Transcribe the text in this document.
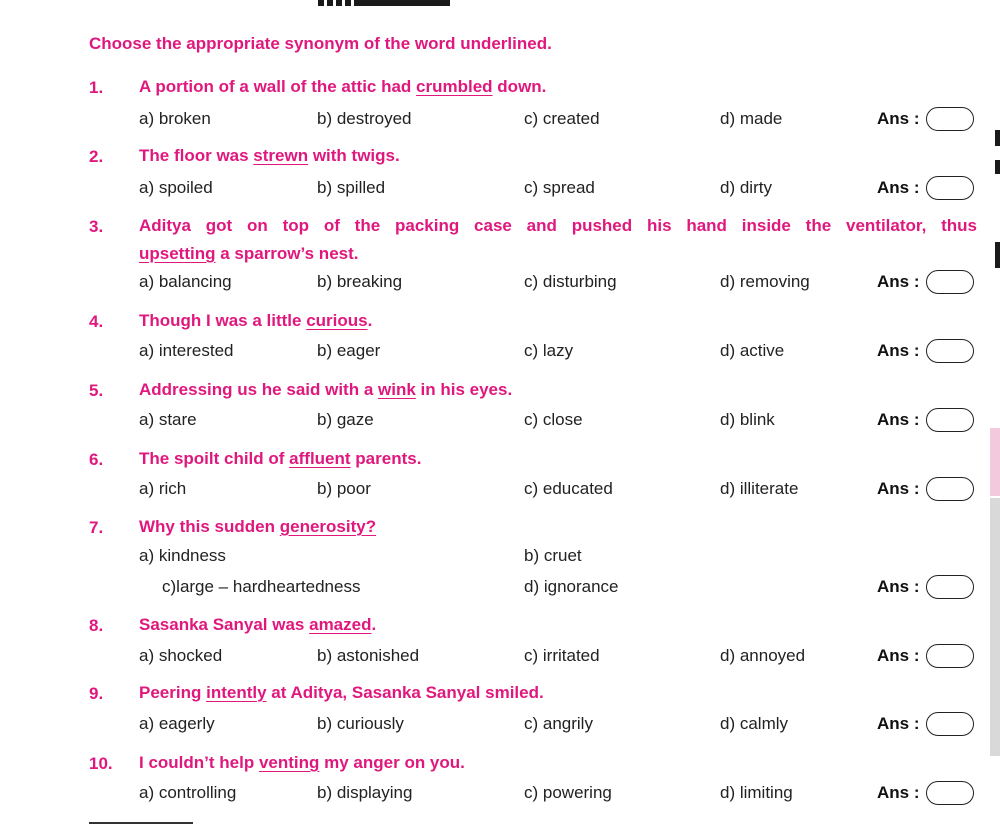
Choose the appropriate synonym of the word underlined.
1. A portion of a wall of the attic had crumbled down.
a) broken	b) destroyed	c) created	d) made	Ans :
2. The floor was strewn with twigs.
a) spoiled	b) spilled	c) spread	d) dirty	Ans :
3. Aditya got on top of the packing case and pushed his hand inside the ventilator, thus
upsetting a sparrow’s nest.
a) balancing	b) breaking	c) disturbing	d) removing	Ans :
4. Though I was a little curious.
a) interested	b) eager	c) lazy	d) active	Ans :
5. Addressing us he said with a wink in his eyes.
a) stare	b) gaze	c) close	d) blink	Ans :
6. The spoilt child of affluent parents.
a) rich	b) poor	c) educated	d) illiterate	Ans :
7. Why this sudden generosity?
a) kindness	b) cruet
c)large – hardheartedness	d) ignorance	Ans :
8. Sasanka Sanyal was amazed.
a) shocked	b) astonished	c) irritated	d) annoyed	Ans :
9. Peering intently at Aditya, Sasanka Sanyal smiled.
a) eagerly	b) curiously	c) angrily	d) calmly	Ans :
10. I couldn’t help venting my anger on you.
a) controlling	b) displaying	c) powering	d) limiting	Ans :
